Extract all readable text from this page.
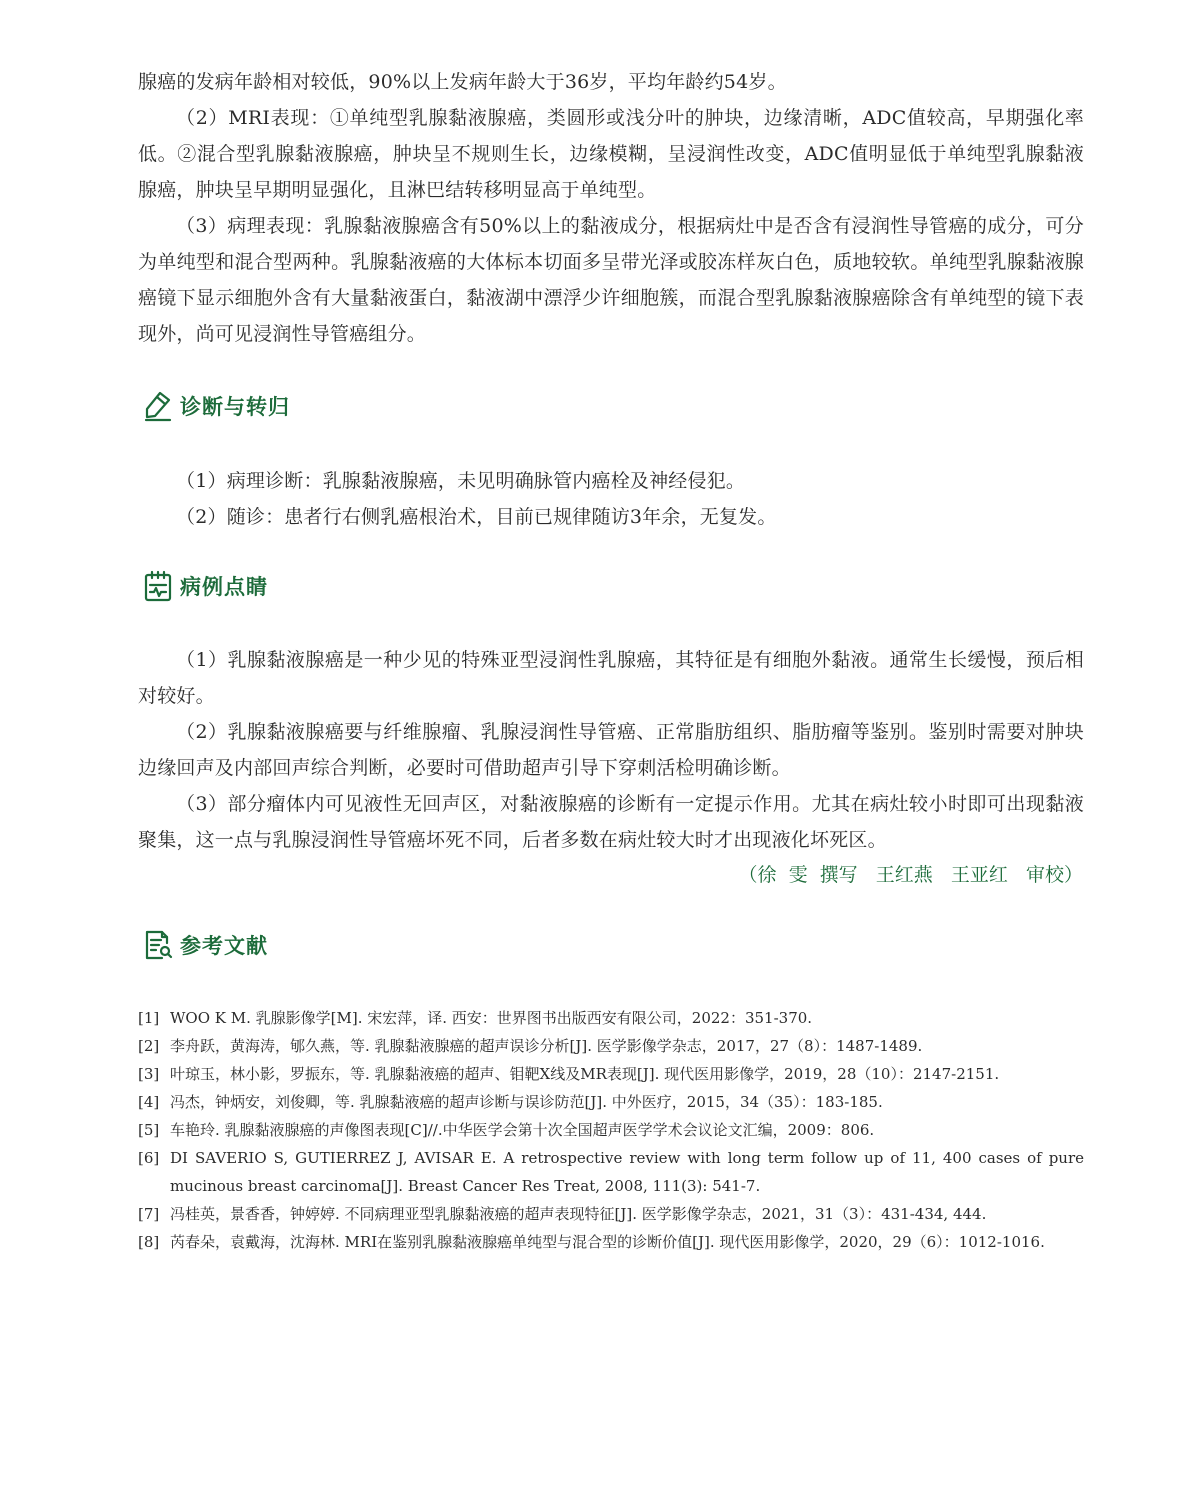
腺癌的发病年龄相对较低，90%以上发病年龄大于36岁，平均年龄约54岁。

（2）MRI表现：①单纯型乳腺黏液腺癌，类圆形或浅分叶的肿块，边缘清晰，ADC值较高，早期强化率低。②混合型乳腺黏液腺癌，肿块呈不规则生长，边缘模糊，呈浸润性改变，ADC值明显低于单纯型乳腺黏液腺癌，肿块呈早期明显强化，且淋巴结转移明显高于单纯型。

（3）病理表现：乳腺黏液腺癌含有50%以上的黏液成分，根据病灶中是否含有浸润性导管癌的成分，可分为单纯型和混合型两种。乳腺黏液癌的大体标本切面多呈带光泽或胶冻样灰白色，质地较软。单纯型乳腺黏液腺癌镜下显示细胞外含有大量黏液蛋白，黏液湖中漂浮少许细胞簇，而混合型乳腺黏液腺癌除含有单纯型的镜下表现外，尚可见浸润性导管癌组分。

诊断与转归

（1）病理诊断：乳腺黏液腺癌，未见明确脉管内癌栓及神经侵犯。

（2）随诊：患者行右侧乳癌根治术，目前已规律随访3年余，无复发。

病例点睛

（1）乳腺黏液腺癌是一种少见的特殊亚型浸润性乳腺癌，其特征是有细胞外黏液。通常生长缓慢，预后相对较好。

（2）乳腺黏液腺癌要与纤维腺瘤、乳腺浸润性导管癌、正常脂肪组织、脂肪瘤等鉴别。鉴别时需要对肿块边缘回声及内部回声综合判断，必要时可借助超声引导下穿刺活检明确诊断。

（3）部分瘤体内可见液性无回声区，对黏液腺癌的诊断有一定提示作用。尤其在病灶较小时即可出现黏液聚集，这一点与乳腺浸润性导管癌坏死不同，后者多数在病灶较大时才出现液化坏死区。

（徐  雯  撰写   王红燕   王亚红   审校）
参考文献
[1] WOO K M. 乳腺影像学[M]. 宋宏萍，译. 西安：世界图书出版西安有限公司，2022：351-370.
[2] 李舟跃，黄海涛，郇久燕，等. 乳腺黏液腺癌的超声误诊分析[J]. 医学影像学杂志，2017，27（8）：1487-1489.
[3] 叶琼玉，林小影，罗振东，等. 乳腺黏液癌的超声、钼靶X线及MR表现[J]. 现代医用影像学，2019，28（10）：2147-2151.
[4] 冯杰，钟炳安，刘俊卿，等. 乳腺黏液癌的超声诊断与误诊防范[J]. 中外医疗，2015，34（35）：183-185.
[5] 车艳玲. 乳腺黏液腺癌的声像图表现[C]//.中华医学会第十次全国超声医学学术会议论文汇编，2009：806.
[6] DI SAVERIO S, GUTIERREZ J, AVISAR E. A retrospective review with long term follow up of 11, 400 cases of pure mucinous breast carcinoma[J]. Breast Cancer Res Treat, 2008, 111(3): 541-7.
[7] 冯桂英，景香香，钟婷婷. 不同病理亚型乳腺黏液癌的超声表现特征[J]. 医学影像学杂志，2021，31（3）：431-434, 444.
[8] 芮春朵，袁戴海，沈海林. MRI在鉴别乳腺黏液腺癌单纯型与混合型的诊断价值[J]. 现代医用影像学，2020，29（6）：1012-1016.
